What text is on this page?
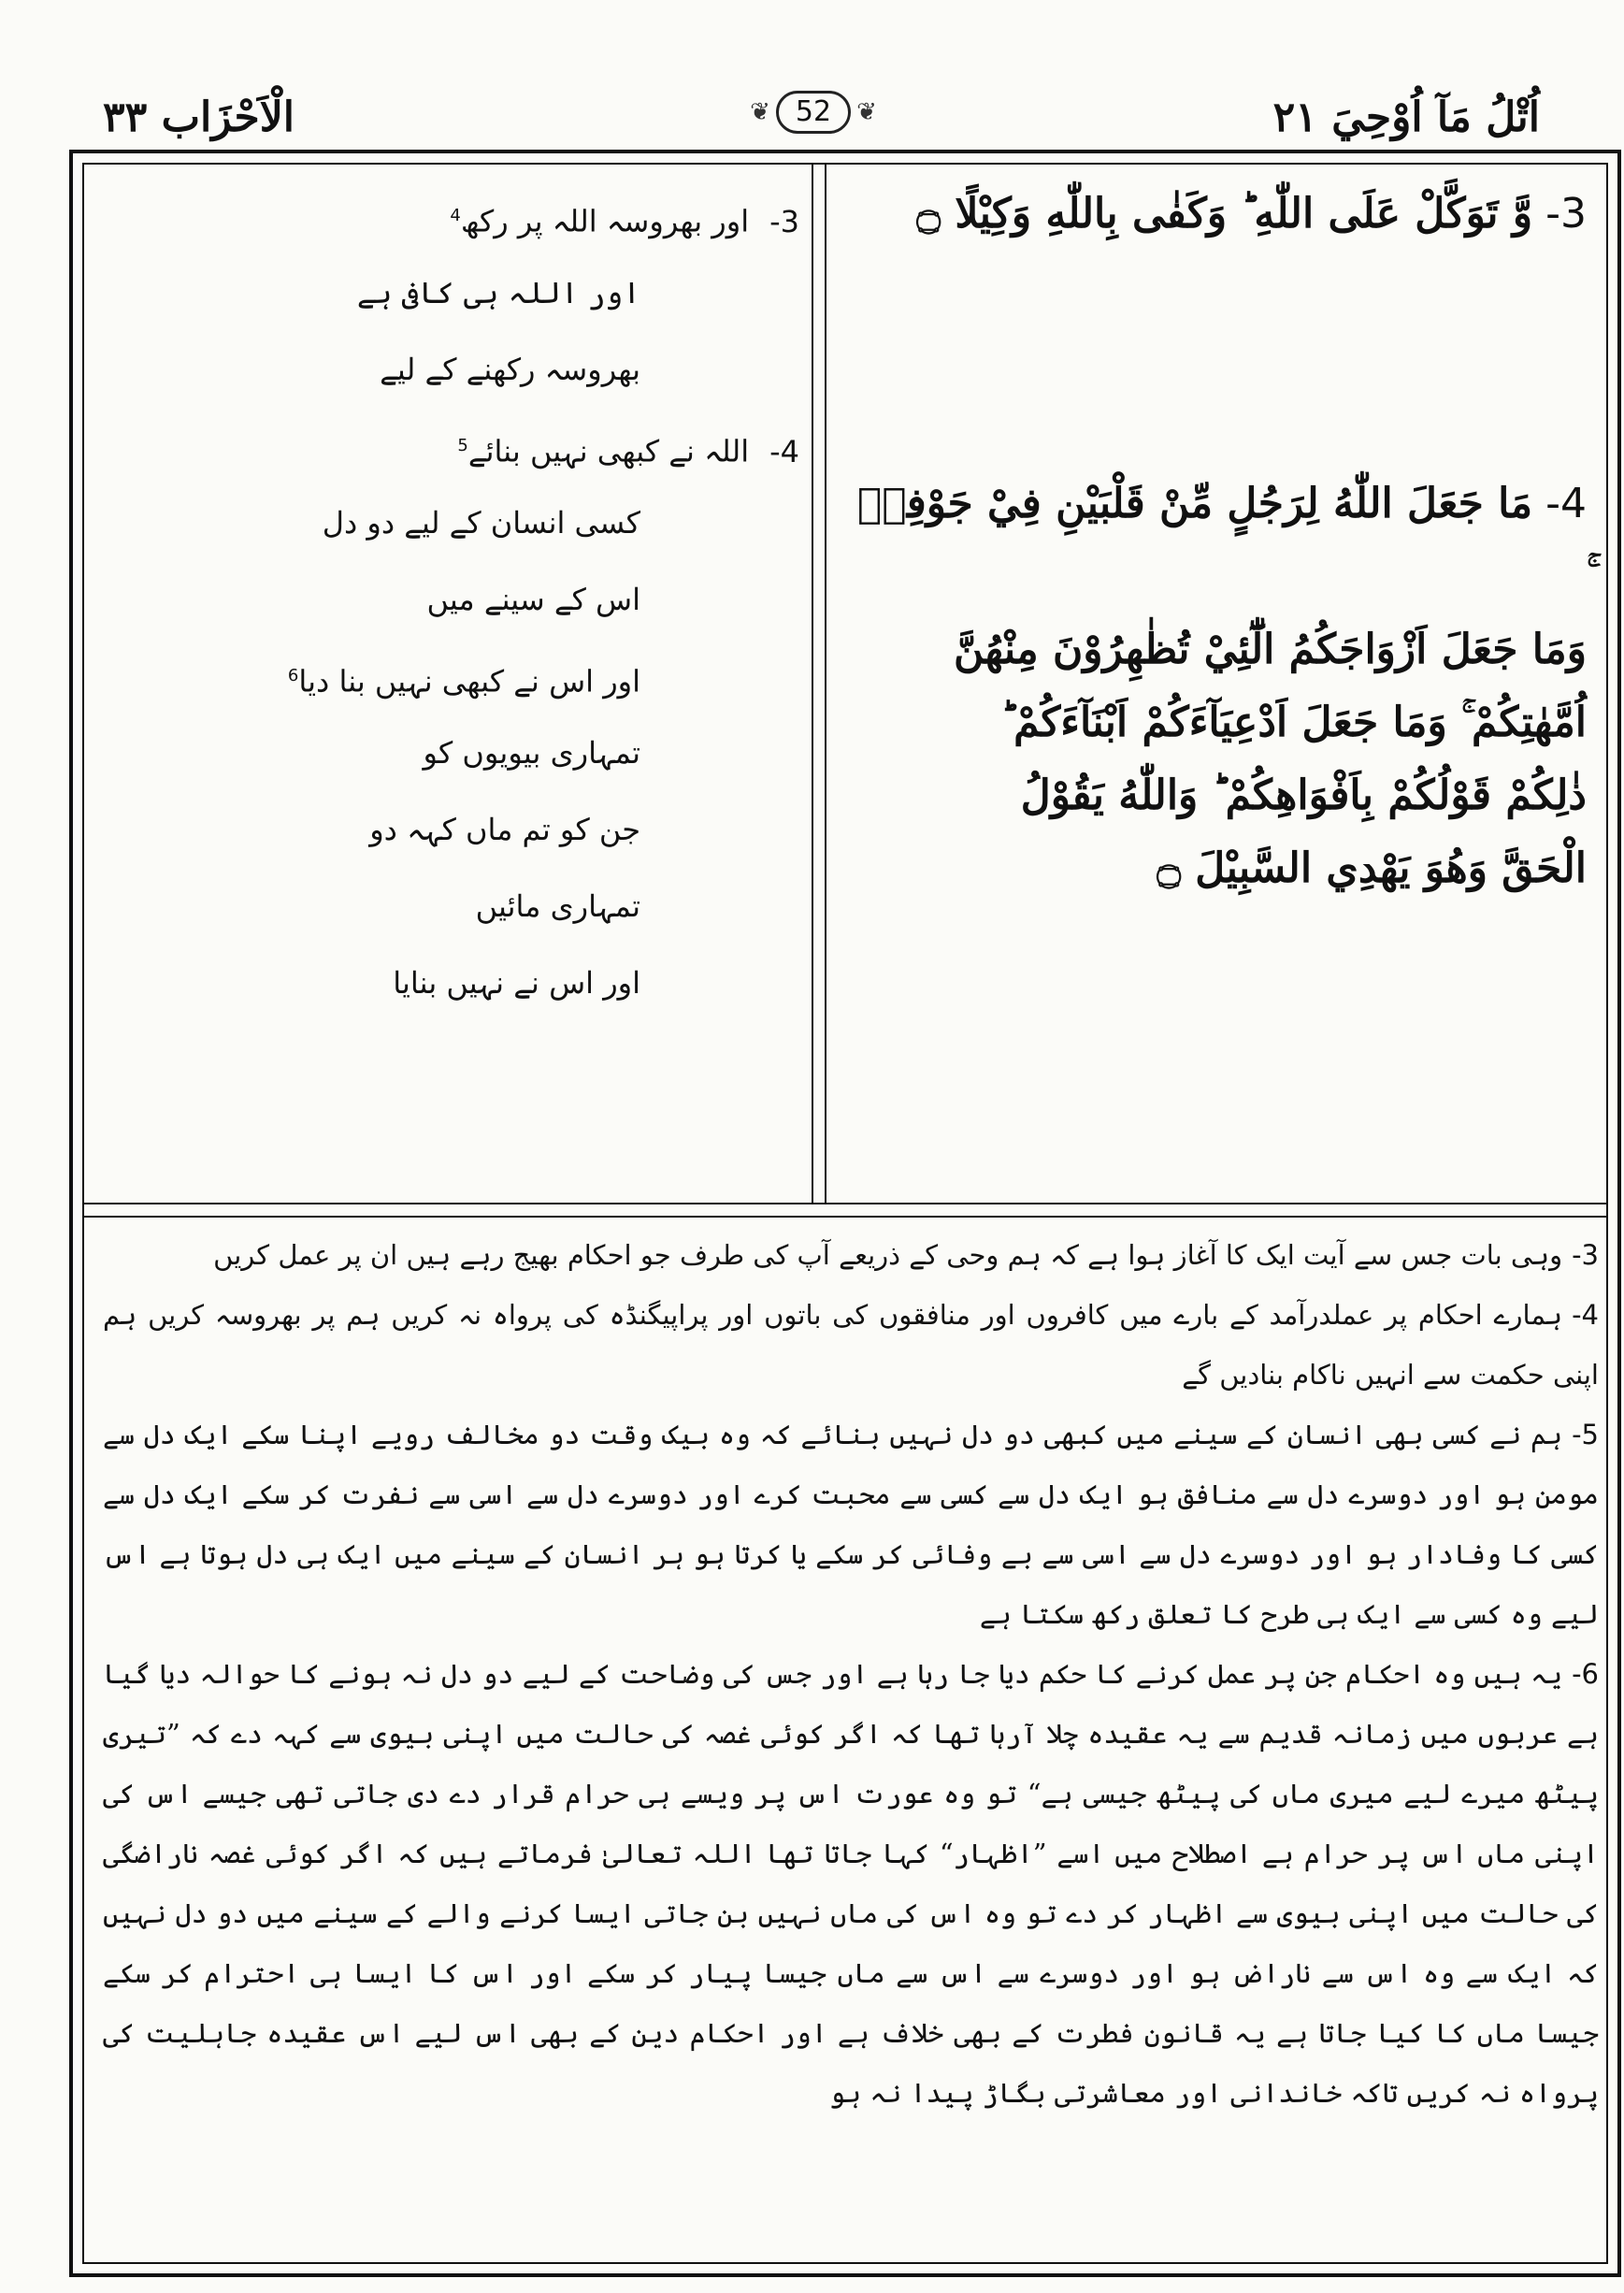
اُتْلُ مَآ اُوْحِيَ ٢١
الْاَحْزَاب ٣٣	❦ 52	❦
3-وَّ تَوَكَّلْ عَلَى اللّٰهِ ؕ وَكَفٰى بِاللّٰهِ وَكِيْلًا ۝
4-مَا جَعَلَ اللّٰهُ لِرَجُلٍ مِّنْ قَلْبَيْنِ فِيْ جَوْفِهٖ
وَمَا جَعَلَ اَزْوَاجَكُمُ الّٰٓئِيْ تُظٰهِرُوْنَ مِنْهُنَّ
اُمَّهٰتِكُمْ ۚ وَمَا جَعَلَ اَدْعِيَآءَكُمْ اَبْنَآءَكُمْ ؕ
ذٰلِكُمْ قَوْلُكُمْ بِاَفْوَاهِكُمْ ؕ وَاللّٰهُ يَقُوْلُ
الْحَقَّ وَهُوَ يَهْدِي السَّبِيْلَ ۝
3-اور بھروسہ اللہ پر رکھ$^4$
اور اللہ ہی کافی ہے
بھروسہ رکھنے کے لیے
4-اللہ نے کبھی نہیں بنائے$^5$
کسی انسان کے لیے دو دل
اس کے سینے میں
اور اس نے کبھی نہیں بنا دیا$^6$
تمہاری بیویوں کو
جن کو تم ماں کہہ دو
تمہاری مائیں
اور اس نے نہیں بنایا
3-وہی بات جس سے آیت ایک کا آغاز ہوا ہے کہ ہم وحی کے ذریعے آپ کی طرف جو احکام بھیج رہے ہیں ان پر عمل کریں
4-ہمارے احکام پر عملدرآمد کے بارے میں کافروں اور منافقوں کی باتوں اور پراپیگنڈہ کی پرواہ نہ کریں ہم پر بھروسہ کریں ہم اپنی حکمت سے انہیں ناکام بنادیں گے
5-ہم نے کسی بھی انسان کے سینے میں کبھی دو دل نہیں بنائے کہ وہ بیک وقت دو مخالف رویے اپنا سکے ایک دل سے مومن ہو اور دوسرے دل سے منافق ہو ایک دل سے کسی سے محبت کرے اور دوسرے دل سے اسی سے نفرت کر سکے ایک دل سے کسی کا وفادار ہو اور دوسرے دل سے اسی سے بے وفائی کر سکے یا کرتا ہو ہر انسان کے سینے میں ایک ہی دل ہوتا ہے اس لیے وہ کسی سے ایک ہی طرح کا تعلق رکھ سکتا ہے
6-یہ ہیں وہ احکام جن پر عمل کرنے کا حکم دیا جا رہا ہے اور جس کی وضاحت کے لیے دو دل نہ ہونے کا حوالہ دیا گیا ہے عربوں میں زمانہ قدیم سے یہ عقیدہ چلا آرہا تھا کہ اگر کوئی غصہ کی حالت میں اپنی بیوی سے کہہ دے کہ ”تیری پیٹھ میرے لیے میری ماں کی پیٹھ جیسی ہے“ تو وہ عورت اس پر ویسے ہی حرام قرار دے دی جاتی تھی جیسے اس کی اپنی ماں اس پر حرام ہے اصطلاح میں اسے ”اظہار“ کہا جاتا تھا اللہ تعالیٰ فرماتے ہیں کہ اگر کوئی غصہ ناراضگی کی حالت میں اپنی بیوی سے اظہار کر دے تو وہ اس کی ماں نہیں بن جاتی ایسا کرنے والے کے سینے میں دو دل نہیں کہ ایک سے وہ اس سے ناراض ہو اور دوسرے سے اس سے ماں جیسا پیار کر سکے اور اس کا ایسا ہی احترام کر سکے جیسا ماں کا کیا جاتا ہے یہ قانون فطرت کے بھی خلاف ہے اور احکام دین کے بھی اس لیے اس عقیدہ جاہلیت کی پرواہ نہ کریں تاکہ خاندانی اور معاشرتی بگاڑ پیدا نہ ہو
